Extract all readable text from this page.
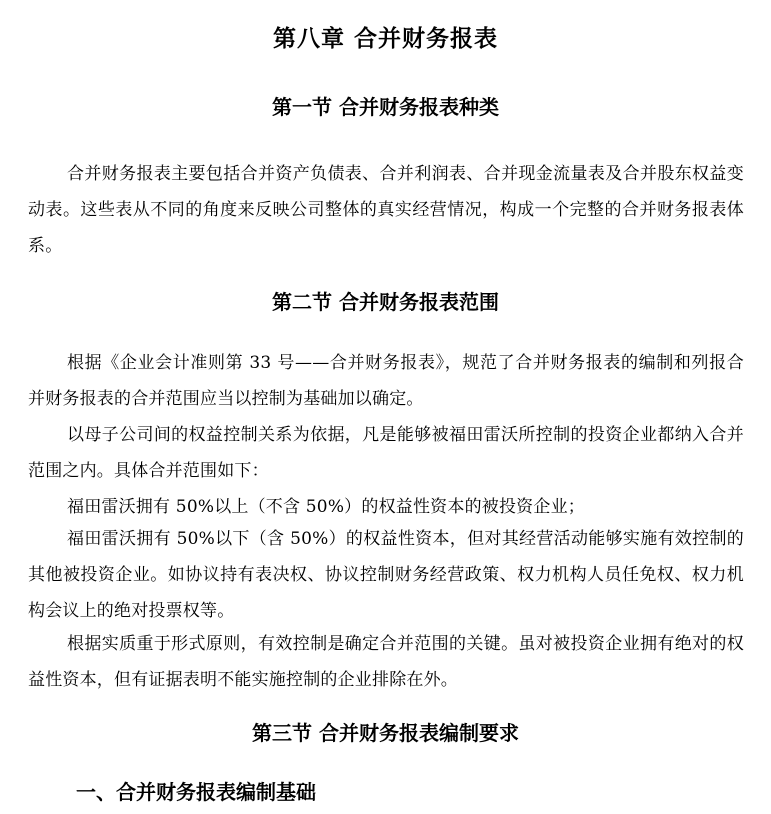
第八章 合并财务报表
第一节 合并财务报表种类
合并财务报表主要包括合并资产负债表、合并利润表、合并现金流量表及合并股东权益变动表。这些表从不同的角度来反映公司整体的真实经营情况，构成一个完整的合并财务报表体系。
第二节 合并财务报表范围
根据《企业会计准则第 33 号——合并财务报表》，规范了合并财务报表的编制和列报合并财务报表的合并范围应当以控制为基础加以确定。
以母子公司间的权益控制关系为依据，凡是能够被福田雷沃所控制的投资企业都纳入合并范围之内。具体合并范围如下：
福田雷沃拥有 50%以上（不含 50%）的权益性资本的被投资企业；
福田雷沃拥有 50%以下（含 50%）的权益性资本，但对其经营活动能够实施有效控制的其他被投资企业。如协议持有表决权、协议控制财务经营政策、权力机构人员任免权、权力机构会议上的绝对投票权等。
根据实质重于形式原则，有效控制是确定合并范围的关键。虽对被投资企业拥有绝对的权益性资本，但有证据表明不能实施控制的企业排除在外。
第三节 合并财务报表编制要求
一、合并财务报表编制基础
